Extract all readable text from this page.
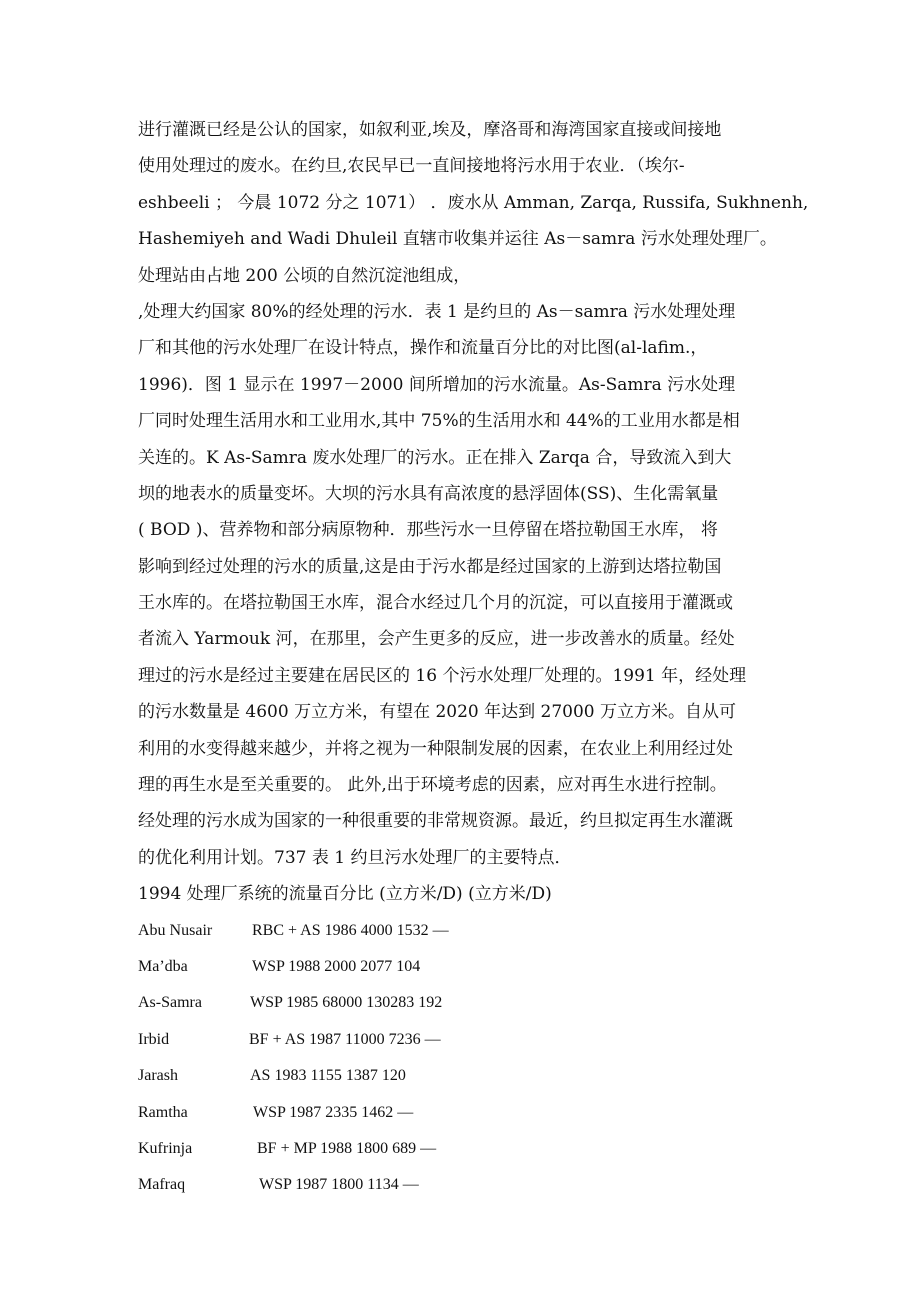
进行灌溉已经是公认的国家，如叙利亚,埃及，摩洛哥和海湾国家直接或间接地
使用处理过的废水。在约旦,农民早已一直间接地将污水用于农业．（埃尔-
eshbeeli ； 今晨 1072 分之 1071） ．废水从 Amman, Zarqa, Russifa, Sukhnenh,
Hashemiyeh and Wadi Dhuleil 直辖市收集并运往 As－samra 污水处理处理厂。
处理站由占地 200 公顷的自然沉淀池组成，
,处理大约国家 80%的经处理的污水．表 1 是约旦的 As－samra 污水处理处理
厂和其他的污水处理厂在设计特点，操作和流量百分比的对比图(al-lafim.，
1996)．图 1 显示在 1997－2000 间所增加的污水流量。As-Samra 污水处理
厂同时处理生活用水和工业用水,其中 75%的生活用水和 44%的工业用水都是相
关连的。K As-Samra 废水处理厂的污水。正在排入 Zarqa 合，导致流入到大
坝的地表水的质量变坏。大坝的污水具有高浓度的悬浮固体(SS)、生化需氧量
( BOD )、营养物和部分病原物种．那些污水一旦停留在塔拉勒国王水库， 将
影响到经过处理的污水的质量,这是由于污水都是经过国家的上游到达塔拉勒国
王水库的。在塔拉勒国王水库，混合水经过几个月的沉淀，可以直接用于灌溉或
者流入 Yarmouk 河，在那里，会产生更多的反应，进一步改善水的质量。经处
理过的污水是经过主要建在居民区的 16 个污水处理厂处理的。1991 年，经处理
的污水数量是 4600 万立方米，有望在 2020 年达到 27000 万立方米。自从可
利用的水变得越来越少，并将之视为一种限制发展的因素，在农业上利用经过处
理的再生水是至关重要的。 此外,出于环境考虑的因素，应对再生水进行控制。
经处理的污水成为国家的一种很重要的非常规资源。最近，约旦拟定再生水灌溉
的优化利用计划。737 表 1 约旦污水处理厂的主要特点．
1994 处理厂系统的流量百分比 (立方米/D) (立方米/D)
Abu Nusair RBC + AS 1986 4000 1532 —
Ma’dba	WSP 1988 2000 2077 104
As-Samra	WSP 1985 68000 130283 192
Irbid	BF + AS 1987 11000 7236 —
Jarash	AS 1983 1155 1387 120
Ramtha	WSP 1987 2335 1462 —
Kufrinja	BF + MP 1988 1800 689 —
Mafraq	WSP 1987 1800 1134 —
